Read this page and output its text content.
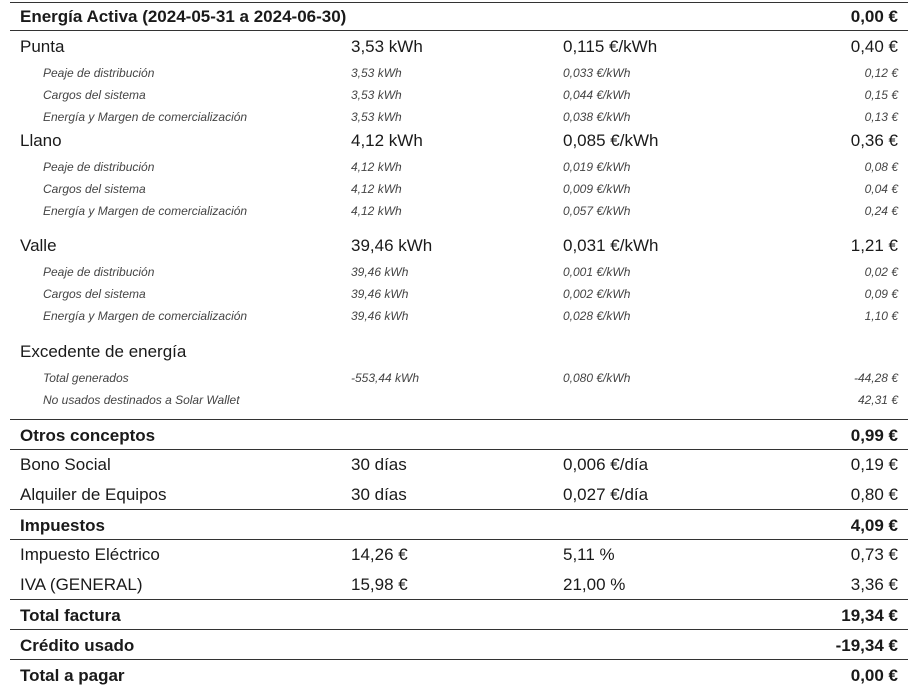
Energía Activa (2024-05-31 a 2024-06-30)	0,00 €
Punta	3,53 kWh	0,115 €/kWh	0,40 €
Peaje de distribución	3,53 kWh	0,033 €/kWh	0,12 €
Cargos del sistema	3,53 kWh	0,044 €/kWh	0,15 €
Energía y Margen de comercialización	3,53 kWh	0,038 €/kWh	0,13 €
Llano	4,12 kWh	0,085 €/kWh	0,36 €
Peaje de distribución	4,12 kWh	0,019 €/kWh	0,08 €
Cargos del sistema	4,12 kWh	0,009 €/kWh	0,04 €
Energía y Margen de comercialización	4,12 kWh	0,057 €/kWh	0,24 €
Valle	39,46 kWh	0,031 €/kWh	1,21 €
Peaje de distribución	39,46 kWh	0,001 €/kWh	0,02 €
Cargos del sistema	39,46 kWh	0,002 €/kWh	0,09 €
Energía y Margen de comercialización	39,46 kWh	0,028 €/kWh	1,10 €
Excedente de energía
Total generados	-553,44 kWh	0,080 €/kWh	-44,28 €
No usados destinados a Solar Wallet	42,31 €
Otros conceptos	0,99 €
Bono Social	30 días	0,006 €/día	0,19 €
Alquiler de Equipos	30 días	0,027 €/día	0,80 €
Impuestos	4,09 €
Impuesto Eléctrico	14,26 €	5,11 %	0,73 €
IVA (GENERAL)	15,98 €	21,00 %	3,36 €
Total factura	19,34 €
Crédito usado	-19,34 €
Total a pagar	0,00 €
